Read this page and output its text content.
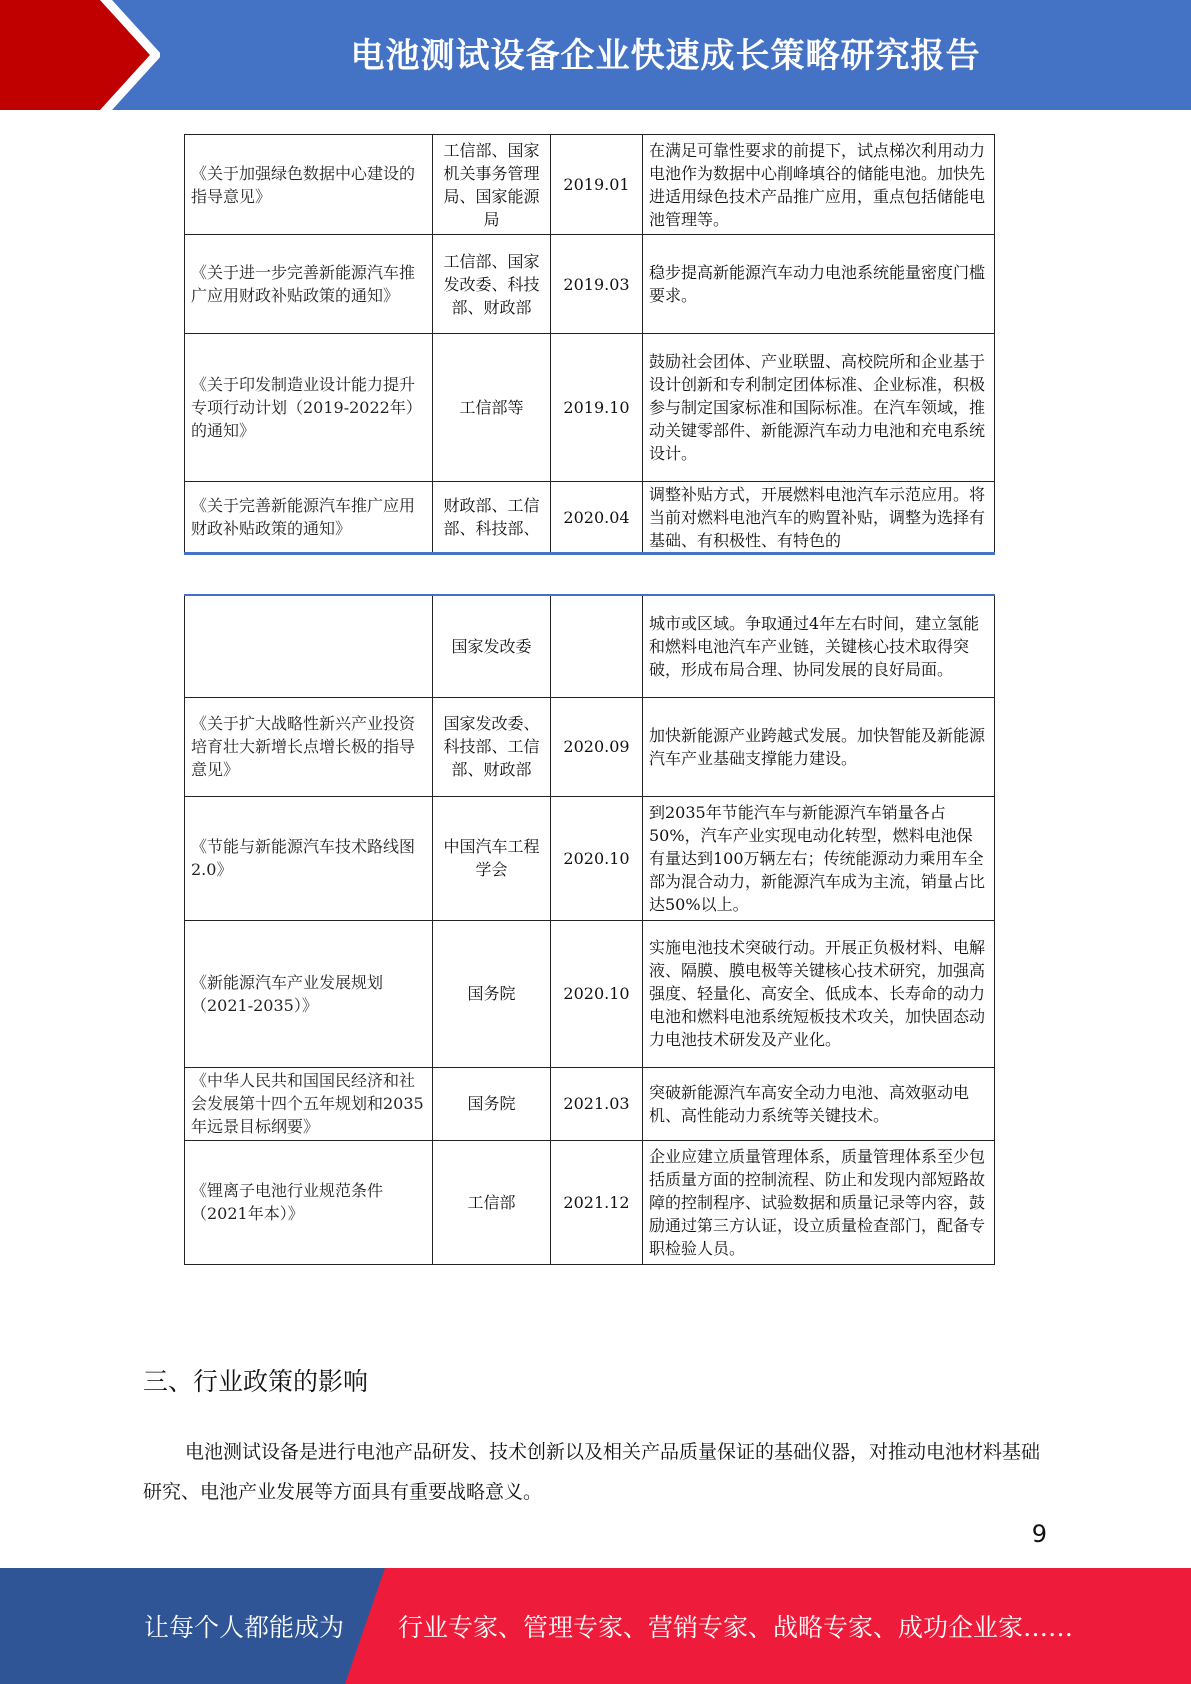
电池测试设备企业快速成长策略研究报告
《关于加强绿色数据中心建设的指导意见》	工信部、国家机关事务管理局、国家能源局	2019.01	在满足可靠性要求的前提下，试点梯次利用动力电池作为数据中心削峰填谷的储能电池。加快先进适用绿色技术产品推广应用，重点包括储能电池管理等。
《关于进一步完善新能源汽车推广应用财政补贴政策的通知》	工信部、国家发改委、科技部、财政部	2019.03	稳步提高新能源汽车动力电池系统能量密度门槛要求。
《关于印发制造业设计能力提升专项行动计划（2019-2022年）的通知》	工信部等	2019.10	鼓励社会团体、产业联盟、高校院所和企业基于设计创新和专利制定团体标准、企业标准，积极参与制定国家标准和国际标准。在汽车领域，推动关键零部件、新能源汽车动力电池和充电系统设计。
《关于完善新能源汽车推广应用财政补贴政策的通知》	财政部、工信部、科技部、	2020.04	调整补贴方式，开展燃料电池汽车示范应用。将当前对燃料电池汽车的购置补贴，调整为选择有基础、有积极性、有特色的
	国家发改委		城市或区域。争取通过4年左右时间，建立氢能和燃料电池汽车产业链，关键核心技术取得突破，形成布局合理、协同发展的良好局面。
《关于扩大战略性新兴产业投资培育壮大新增长点增长极的指导意见》	国家发改委、科技部、工信部、财政部	2020.09	加快新能源产业跨越式发展。加快智能及新能源汽车产业基础支撑能力建设。
《节能与新能源汽车技术路线图2.0》	中国汽车工程学会	2020.10	到2035年节能汽车与新能源汽车销量各占50%，汽车产业实现电动化转型，燃料电池保有量达到100万辆左右；传统能源动力乘用车全部为混合动力，新能源汽车成为主流，销量占比达50%以上。
《新能源汽车产业发展规划（2021-2035）》	国务院	2020.10	实施电池技术突破行动。开展正负极材料、电解液、隔膜、膜电极等关键核心技术研究，加强高强度、轻量化、高安全、低成本、长寿命的动力电池和燃料电池系统短板技术攻关，加快固态动力电池技术研发及产业化。
《中华人民共和国国民经济和社会发展第十四个五年规划和2035年远景目标纲要》	国务院	2021.03	突破新能源汽车高安全动力电池、高效驱动电机、高性能动力系统等关键技术。
《锂离子电池行业规范条件（2021年本）》	工信部	2021.12	企业应建立质量管理体系，质量管理体系至少包括质量方面的控制流程、防止和发现内部短路故障的控制程序、试验数据和质量记录等内容，鼓励通过第三方认证，设立质量检查部门，配备专职检验人员。
三、行业政策的影响
电池测试设备是进行电池产品研发、技术创新以及相关产品质量保证的基础仪器，对推动电池材料基础研究、电池产业发展等方面具有重要战略意义。
9
让每个人都能成为 行业专家、管理专家、营销专家、战略专家、成功企业家……
